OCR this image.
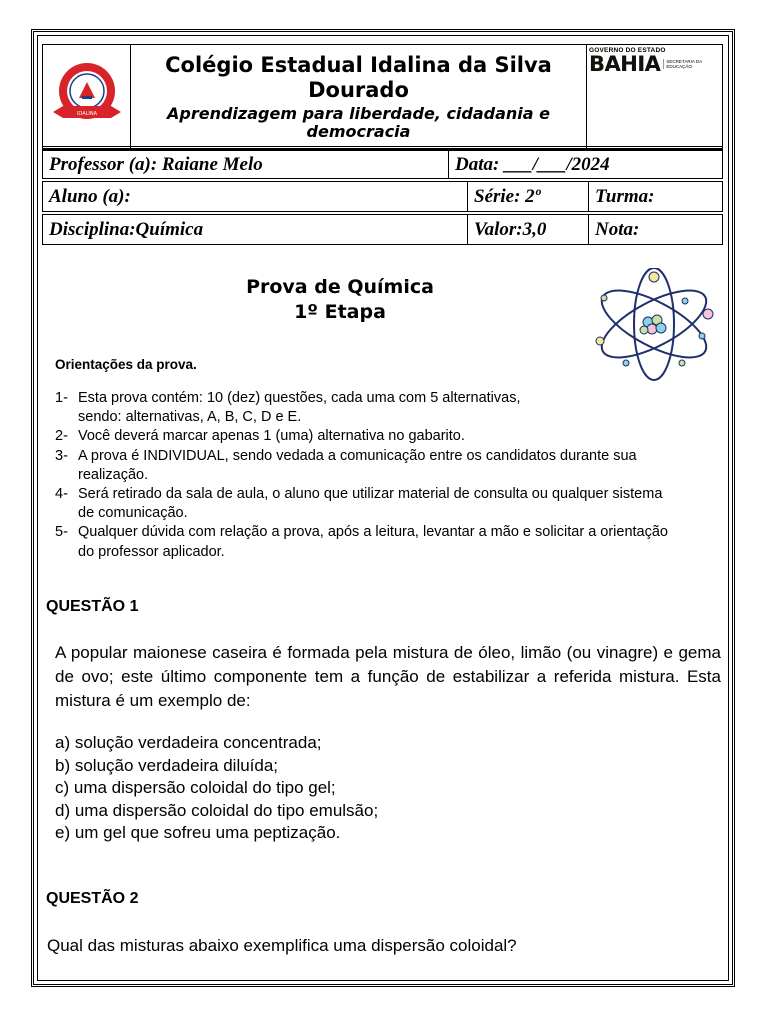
IDALINA

Colégio Estadual Idalina da Silva Dourado
Aprendizagem para liberdade, cidadania e democracia

GOVERNO DO ESTADO
BAHIA	SECRETARIA DA EDUCAÇÃO
Professor (a): Raiane Melo	Data: ___/___/2024
Aluno (a):	Série: 2º	Turma:
Disciplina:Química	Valor:3,0	Nota:
Prova de Química
1º Etapa
Orientações da prova.
1- Esta prova contém: 10 (dez) questões, cada uma com 5 alternativas,
sendo: alternativas, A, B, C, D e E.
2- Você deverá marcar apenas 1 (uma) alternativa no gabarito.
3- A prova é INDIVIDUAL, sendo vedada a comunicação entre os candidatos durante sua
realização.
4- Será retirado da sala de aula, o aluno que utilizar material de consulta ou qualquer sistema
de comunicação.
5- Qualquer dúvida com relação a prova, após a leitura, levantar a mão e solicitar a orientação
do professor aplicador.
QUESTÃO 1
A popular maionese caseira é formada pela mistura de óleo, limão (ou vinagre) e gema de ovo; este último componente tem a função de estabilizar a referida mistura. Esta mistura é um exemplo de:
a) solução verdadeira concentrada;
b) solução verdadeira diluída;
c) uma dispersão coloidal do tipo gel;
d) uma dispersão coloidal do tipo emulsão;
e) um gel que sofreu uma peptização.
QUESTÃO 2
Qual das misturas abaixo exemplifica uma dispersão coloidal?
